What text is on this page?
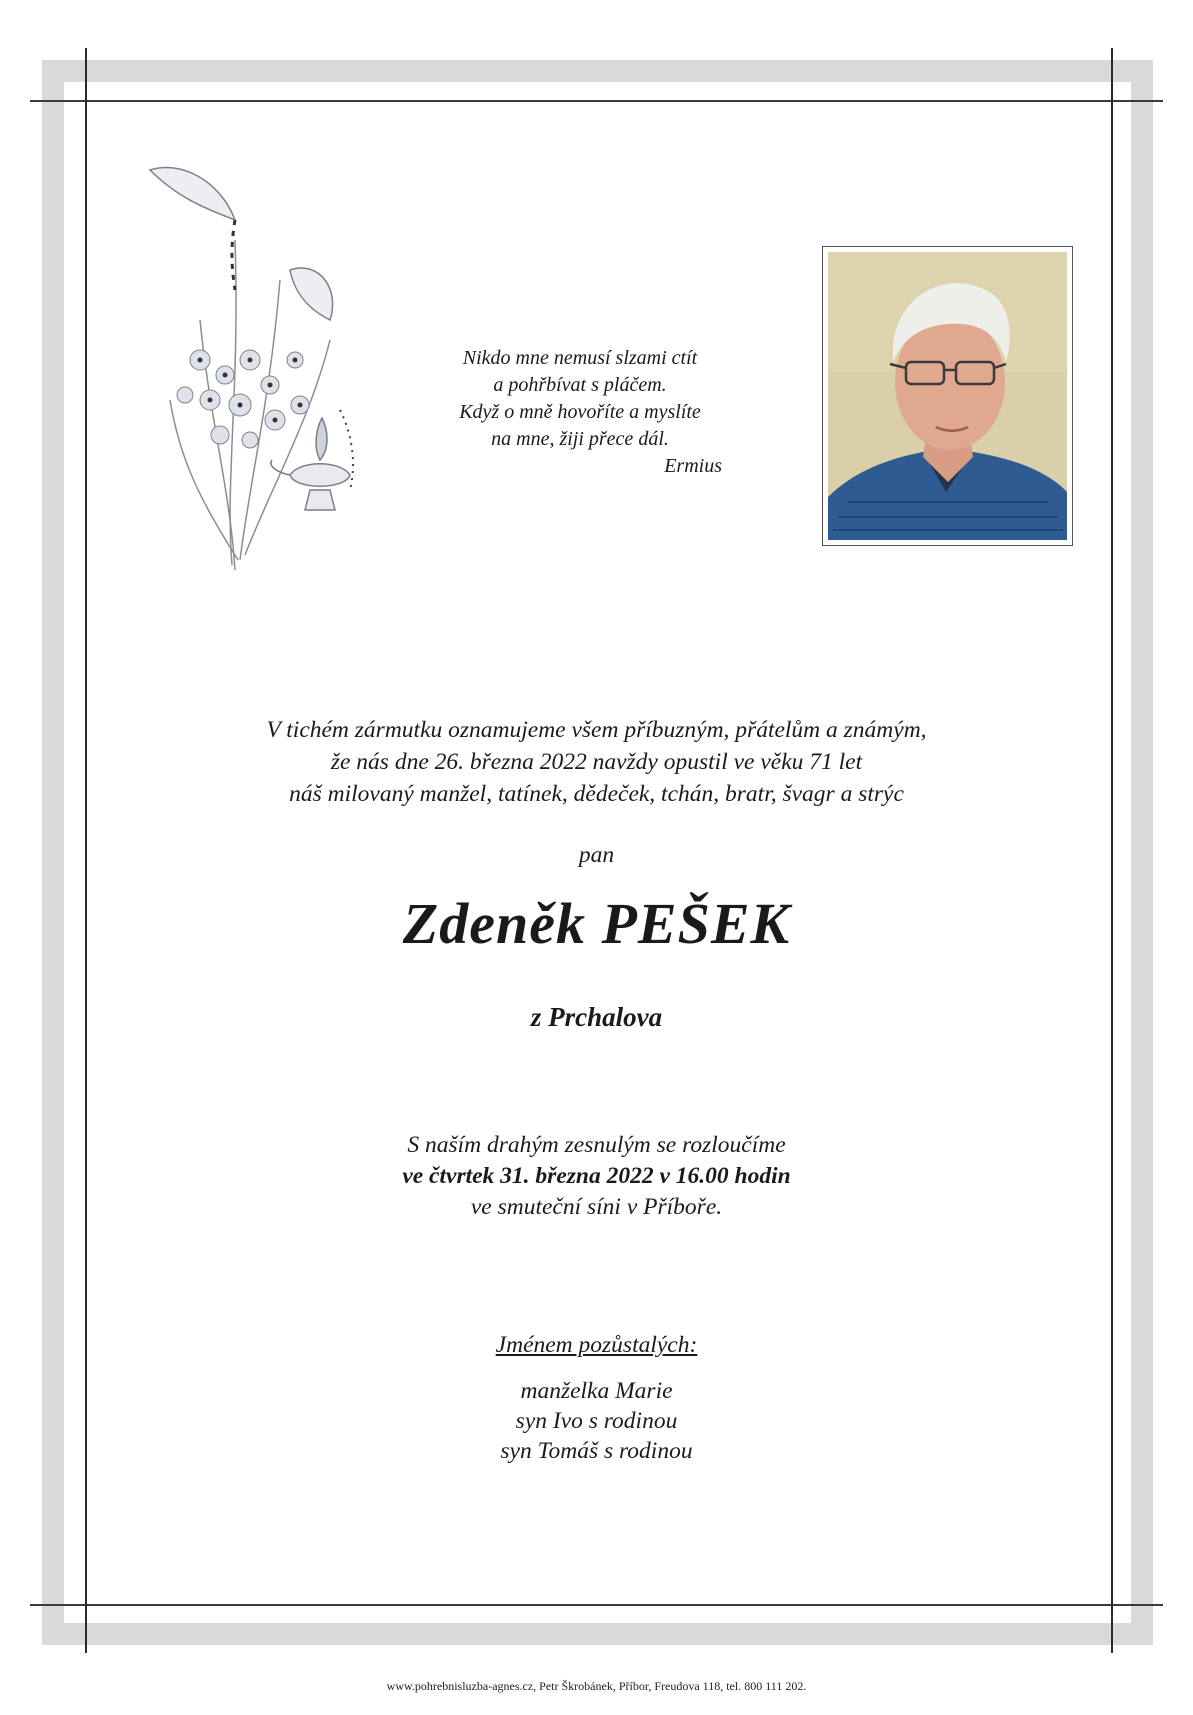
Nikdo mne nemusí slzami ctít
a pohřbívat s pláčem.
Když o mně hovoříte a myslíte
na mne, žiji přece dál.
Ermius
V tichém zármutku oznamujeme všem příbuzným, přátelům a známým,
že nás dne 26. března 2022 navždy opustil ve věku 71 let
náš milovaný manžel, tatínek, dědeček, tchán, bratr, švagr a strýc
pan
Zdeněk PEŠEK
z Prchalova
S naším drahým zesnulým se rozloučíme
ve čtvrtek 31. března 2022 v 16.00 hodin
ve smuteční síni v Příboře.
Jménem pozůstalých:
manželka Marie
syn Ivo s rodinou
syn Tomáš s rodinou
www.pohrebnisluzba-agnes.cz, Petr Škrobánek, Příbor, Freudova 118, tel. 800 111 202.
